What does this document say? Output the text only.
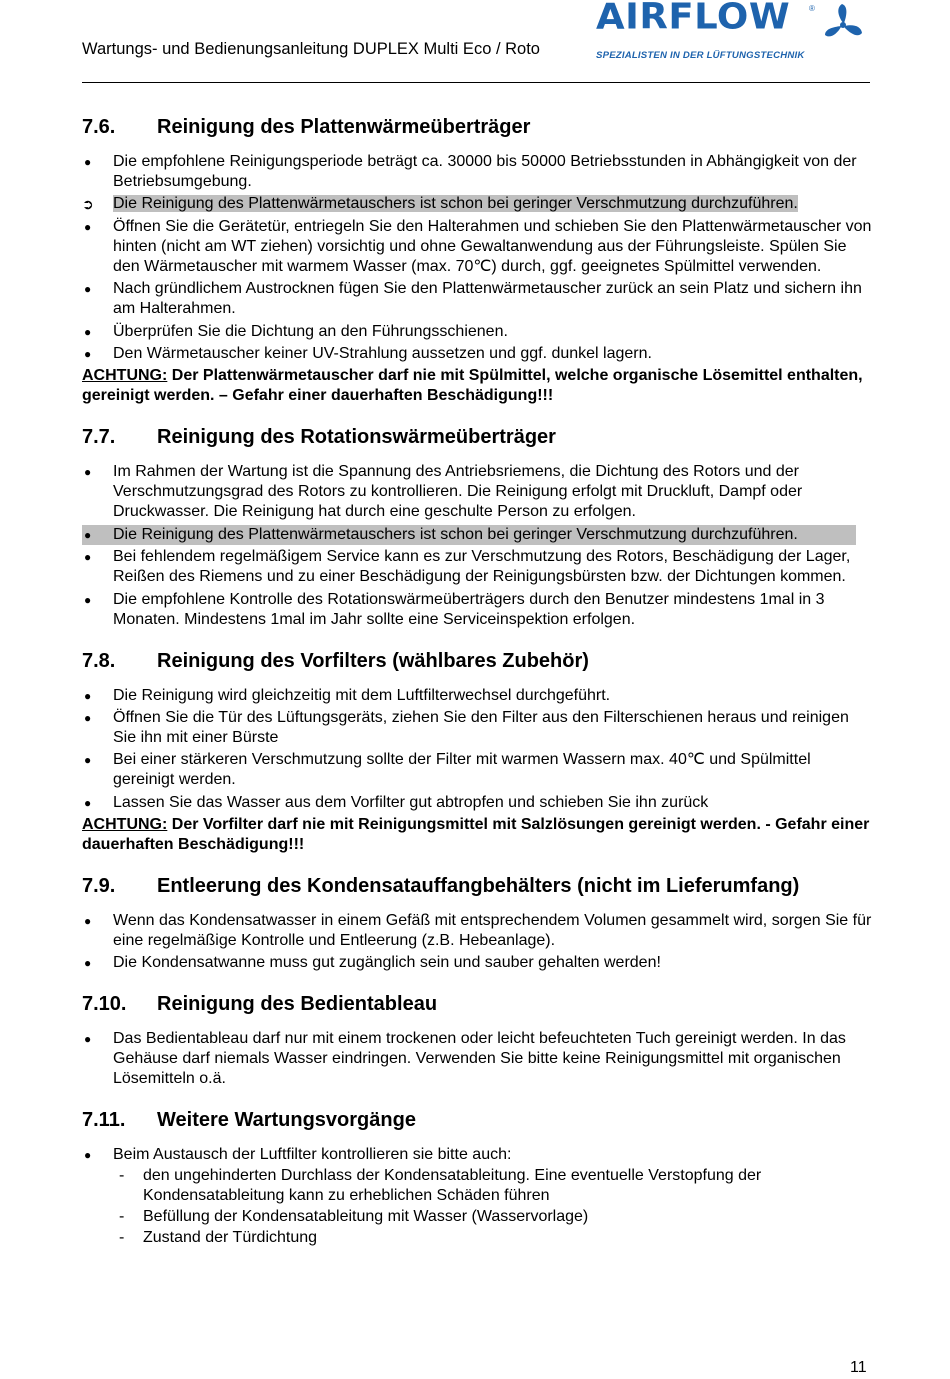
Wartungs- und Bedienungsanleitung DUPLEX Multi Eco / Roto
AIRFLOW ®
SPEZIALISTEN IN DER LÜFTUNGSTECHNIK
7.6.	Reinigung des Plattenwärmeüberträger
● Die empfohlene Reinigungsperiode beträgt ca. 30000 bis 50000 Betriebsstunden in Abhängigkeit von der Betriebsumgebung.
➲ Die Reinigung des Plattenwärmetauschers ist schon bei geringer Verschmutzung durchzuführen.
● Öffnen Sie die Gerätetür, entriegeln Sie den Halterahmen und schieben Sie den Plattenwärmetauscher von hinten (nicht am WT ziehen) vorsichtig und ohne Gewaltanwendung aus der Führungsleiste. Spülen Sie den Wärmetauscher mit warmem Wasser (max. 70℃) durch, ggf. geeignetes Spülmittel verwenden.
● Nach gründlichem Austrocknen fügen Sie den Plattenwärmetauscher zurück an sein Platz und sichern ihn am Halterahmen.
● Überprüfen Sie die Dichtung an den Führungsschienen.
● Den Wärmetauscher keiner UV-Strahlung aussetzen und ggf. dunkel lagern.

ACHTUNG: Der Plattenwärmetauscher darf nie mit Spülmittel, welche organische Lösemittel enthalten, gereinigt werden. – Gefahr einer dauerhaften Beschädigung!!!

7.7.	Reinigung des Rotationswärmeüberträger
● Im Rahmen der Wartung ist die Spannung des Antriebsriemens, die Dichtung des Rotors und der Verschmutzungsgrad des Rotors zu kontrollieren. Die Reinigung erfolgt mit Druckluft, Dampf oder Druckwasser. Die Reinigung hat durch eine geschulte Person zu erfolgen.
● Die Reinigung des Plattenwärmetauschers ist schon bei geringer Verschmutzung durchzuführen.
● Bei fehlendem regelmäßigem Service kann es zur Verschmutzung des Rotors, Beschädigung der Lager, Reißen des Riemens und zu einer Beschädigung der Reinigungsbürsten bzw. der Dichtungen kommen.
● Die empfohlene Kontrolle des Rotationswärmeüberträgers durch den Benutzer mindestens 1mal in 3 Monaten. Mindestens 1mal im Jahr sollte eine Serviceinspektion erfolgen.
7.8.	Reinigung des Vorfilters (wählbares Zubehör)
● Die Reinigung wird gleichzeitig mit dem Luftfilterwechsel durchgeführt.
● Öffnen Sie die Tür des Lüftungsgeräts, ziehen Sie den Filter aus den Filterschienen heraus und reinigen Sie ihn mit einer Bürste
● Bei einer stärkeren Verschmutzung sollte der Filter mit warmen Wassern max. 40℃ und Spülmittel gereinigt werden.
● Lassen Sie das Wasser aus dem Vorfilter gut abtropfen und schieben Sie ihn zurück

ACHTUNG: Der Vorfilter darf nie mit Reinigungsmittel mit Salzlösungen gereinigt werden. - Gefahr einer dauerhaften Beschädigung!!!

7.9.	Entleerung des Kondensatauffangbehälters (nicht im Lieferumfang)
● Wenn das Kondensatwasser in einem Gefäß mit entsprechendem Volumen gesammelt wird, sorgen Sie für eine regelmäßige Kontrolle und Entleerung (z.B. Hebeanlage).
● Die Kondensatwanne muss gut zugänglich sein und sauber gehalten werden!
7.10.	Reinigung des Bedientableau
● Das Bedientableau darf nur mit einem trockenen oder leicht befeuchteten Tuch gereinigt werden. In das Gehäuse darf niemals Wasser eindringen. Verwenden Sie bitte keine Reinigungsmittel mit organischen Lösemitteln o.ä.
7.11.	Weitere Wartungsvorgänge
● Beim Austausch der Luftfilter kontrollieren sie bitte auch:
- den ungehinderten Durchlass der Kondensatableitung. Eine eventuelle Verstopfung der Kondensatableitung kann zu erheblichen Schäden führen
- Befüllung der Kondensatableitung mit Wasser (Wasservorlage)
- Zustand der Türdichtung
11
